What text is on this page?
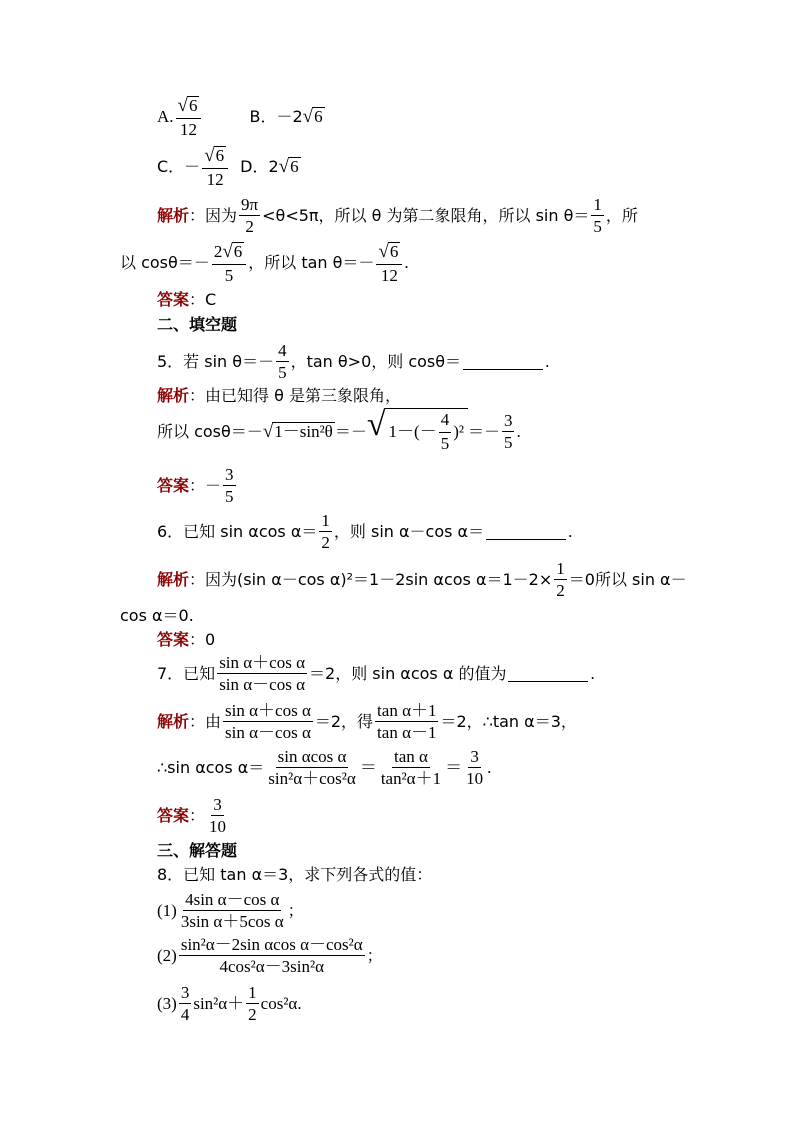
A. $\frac{√ 6}{12}$	B．－2 √ 6
C．－ $\frac{√ 6}{12}$ D．2 √ 6
解析 ：因为 $\frac{9\pi}{2} <\theta<5\pi$，所以 θ 为第二象限角，所以 $\sin \theta= \frac{1}{5}$ ，所
以 $\cos\theta=- \frac{2 √ 6}{5}$ ，所以 $\tan \theta=- \frac{√ 6}{12}$ .
答案 ：C
二、填空题
5．若 $\sin \theta=- \frac{4}{5}$ ，tan θ>0，则 cosθ＝	.
解析 ：由已知得 θ 是第三象限角，
所以 cosθ＝－ √ 1－sin²θ ＝－ √ 1－ (－ $\frac{4}{5} )^2 =- \frac{3}{5}$ .
答案 ：－ $\frac{3}{5}$
6．已知 sin αcos $\alpha= \frac{1}{2}$ ，则 sin α－cos α＝	.
解析 ：因为(sin α－cos α)²＝1－2sin αcos $\alpha=1-2\times \frac{1}{2} =0$所以 sin α－
cos α＝0.
答案 ：0
7．已知 $\frac{\text{sin α＋cos α}}{\text{sin α－cos α}} =2$，则 sin αcos α 的值为	.
解析 ：由 $\frac{\text{sin α＋cos α}}{\text{sin α－cos α}} =2$，得 $\frac{\text{tan α＋1}}{\text{tan α－1}} =2$，∴tan α＝3，
∴sin αcos $\alpha= \frac{\text{sin αcos α}}{\text{sin²α＋cos²α}} = \frac{\text{tan α}}{\text{tan²α＋1}} = \frac{3}{10}$ .
答案 ： $\frac{3}{10}$
三、解答题
8．已知 tan α＝3，求下列各式的值：
$(1) \frac{\text{4sin α－cos α}}{\text{3sin α＋5cos α}}$ ；
$(2) \frac{\text{sin²α－2sin αcos α－cos²α}}{\text{4cos²α－3sin²α}}$ ；
$(3) \frac{3}{4} \sin^2\alpha+ \frac{1}{2} \cos^2\alpha$.
